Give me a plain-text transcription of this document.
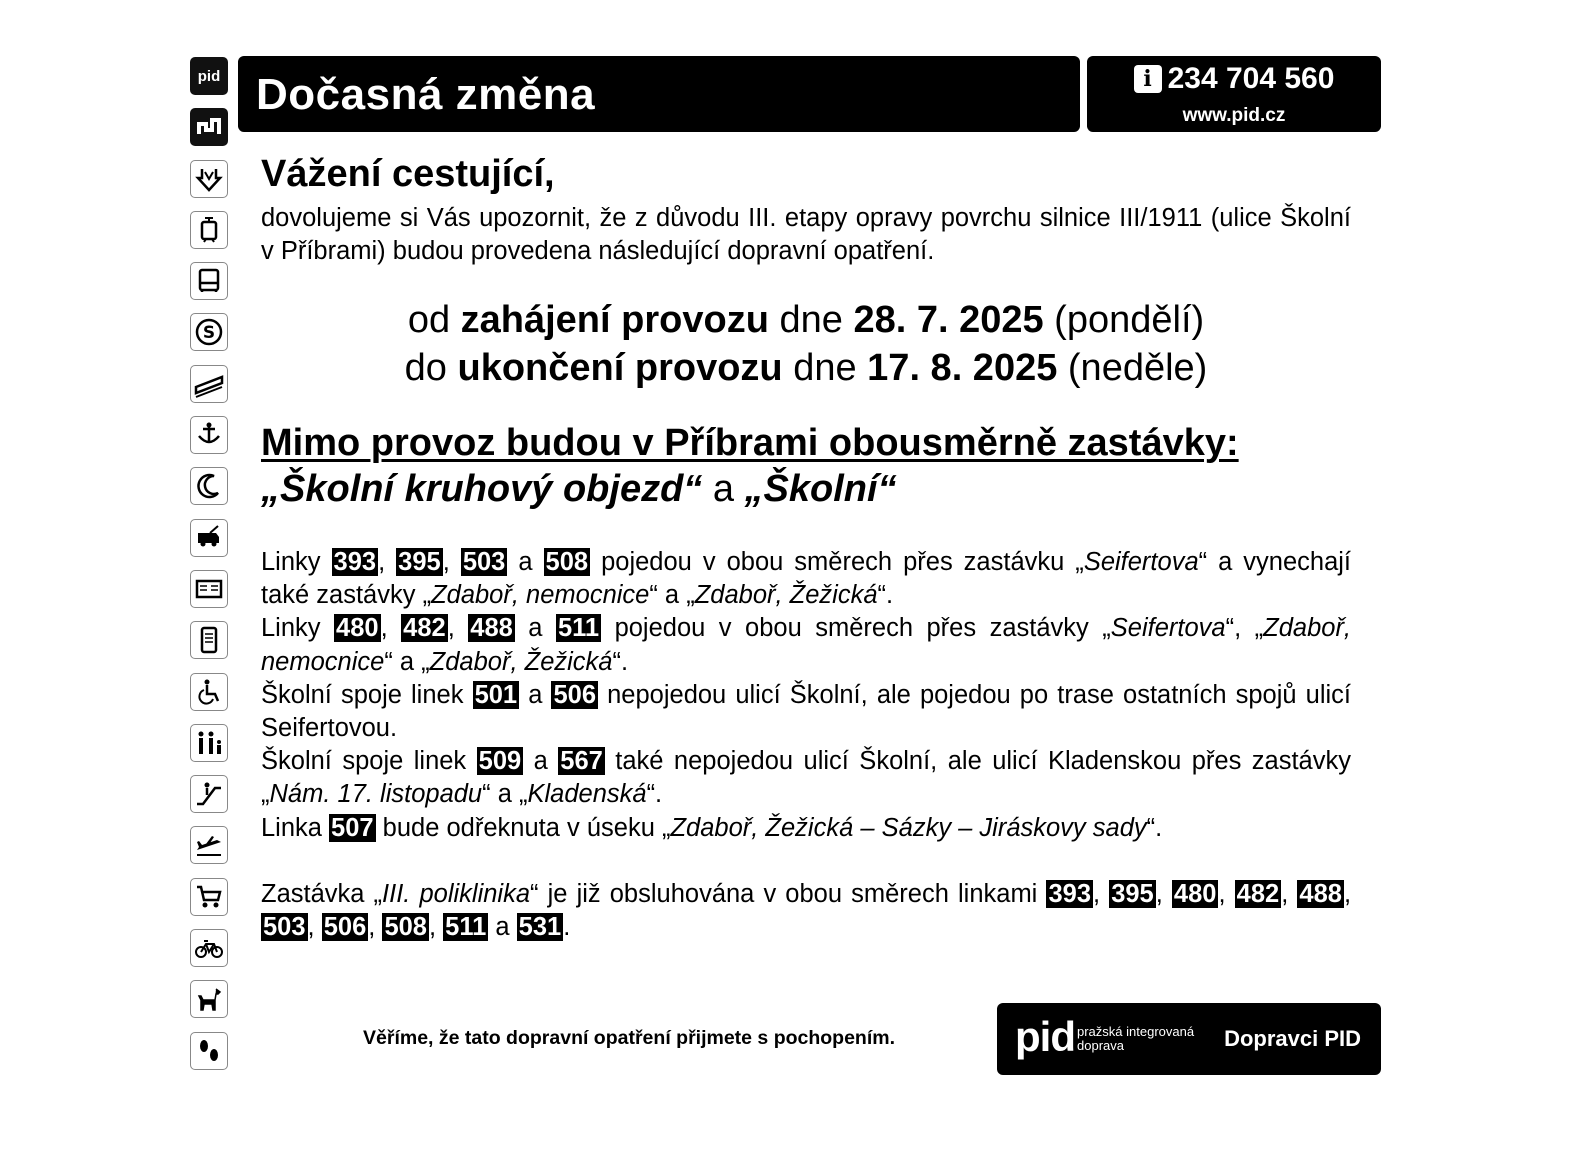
pid
S
Dočasná změna	i 234 704 560
www.pid.cz
Vážení cestující,
dovolujeme si Vás upozornit, že z důvodu III. etapy opravy povrchu silnice III/1911 (ulice Školní v Příbrami) budou provedena následující dopravní opatření.
od zahájení provozu dne 28. 7. 2025 (pondělí)
do ukončení provozu dne 17. 8. 2025 (neděle)
Mimo provoz budou v Příbrami obousměrně zastávky:
„Školní kruhový objezd“ a „Školní“

Linky 393, 395, 503 a 508 pojedou v obou směrech přes zastávku „Seifertova“ a vynechají také zastávky „Zdaboř, nemocnice“ a „Zdaboř, Žežická“.

Linky 480, 482, 488 a 511 pojedou v obou směrech přes zastávky „Seifertova“, „Zdaboř, nemocnice“ a „Zdaboř, Žežická“.

Školní spoje linek 501 a 506 nepojedou ulicí Školní, ale pojedou po trase ostatních spojů ulicí Seifertovou.

Školní spoje linek 509 a 567 také nepojedou ulicí Školní, ale ulicí Kladenskou přes zastávky „Nám. 17. listopadu“ a „Kladenská“.

Linka 507 bude odřeknuta v úseku „Zdaboř, Žežická – Sázky – Jiráskovy sady“.

Zastávka „III. poliklinika“ je již obsluhována v obou směrech linkami 393, 395, 480, 482, 488, 503, 506, 508, 511 a 531.

Věříme, že tato dopravní opatření přijmete s pochopením.	pid pražská integrovaná
doprava	Dopravci PID
